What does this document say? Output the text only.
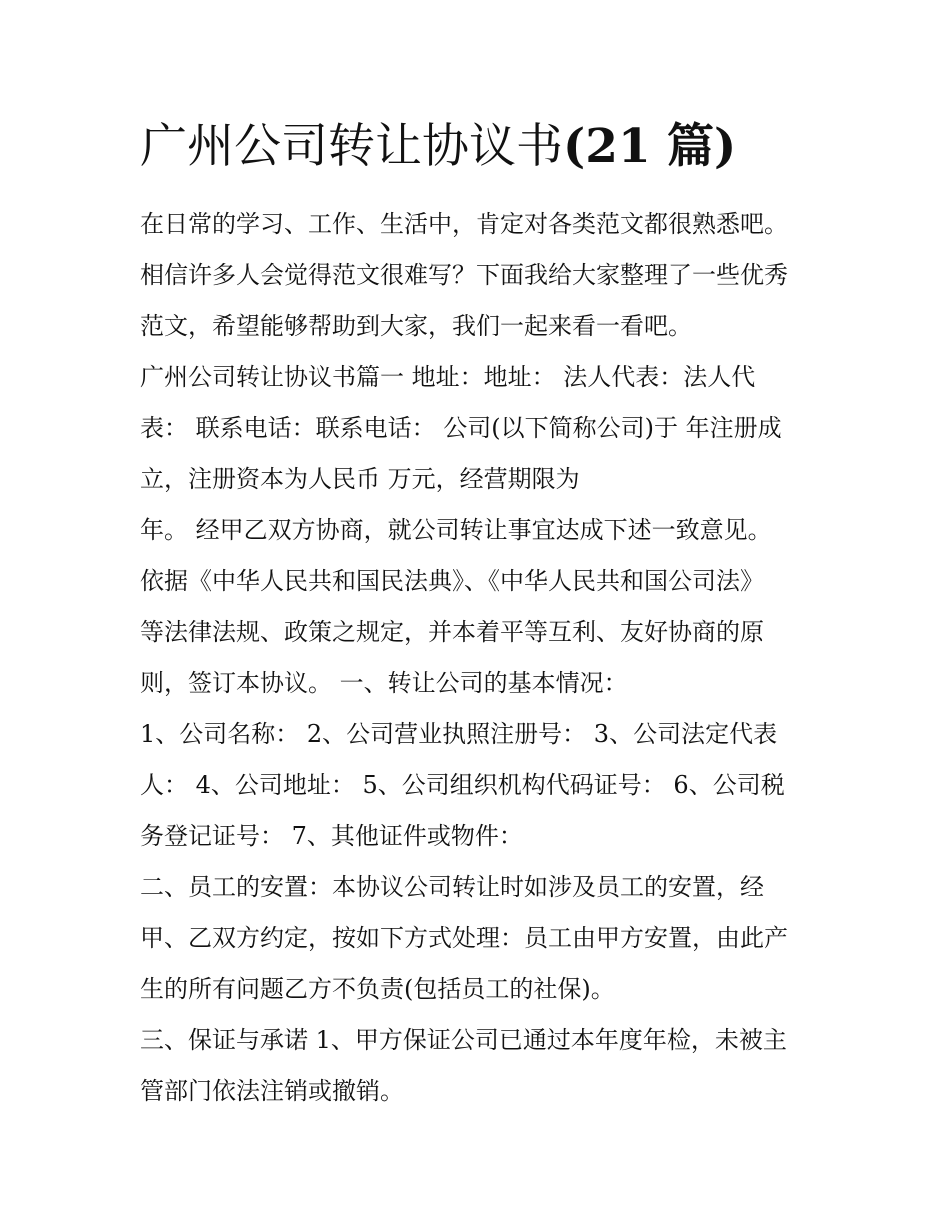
广州公司转让协议书(21 篇)
在日常的学习、工作、生活中，肯定对各类范文都很熟悉吧。
相信许多人会觉得范文很难写？下面我给大家整理了一些优秀
范文，希望能够帮助到大家，我们一起来看一看吧。
广州公司转让协议书篇一 地址：地址： 法人代表：法人代
表： 联系电话：联系电话： 公司(以下简称公司)于 年注册成
立，注册资本为人民币 万元，经营期限为
年。 经甲乙双方协商，就公司转让事宜达成下述一致意见。
依据《中华人民共和国民法典》、《中华人民共和国公司法》
等法律法规、政策之规定，并本着平等互利、友好协商的原
则，签订本协议。 一、转让公司的基本情况：
1、公司名称： 2、公司营业执照注册号： 3、公司法定代表
人： 4、公司地址： 5、公司组织机构代码证号： 6、公司税
务登记证号： 7、其他证件或物件：
二、员工的安置：本协议公司转让时如涉及员工的安置，经
甲、乙双方约定，按如下方式处理：员工由甲方安置，由此产
生的所有问题乙方不负责(包括员工的社保)。
三、保证与承诺 1、甲方保证公司已通过本年度年检，未被主
管部门依法注销或撤销。
